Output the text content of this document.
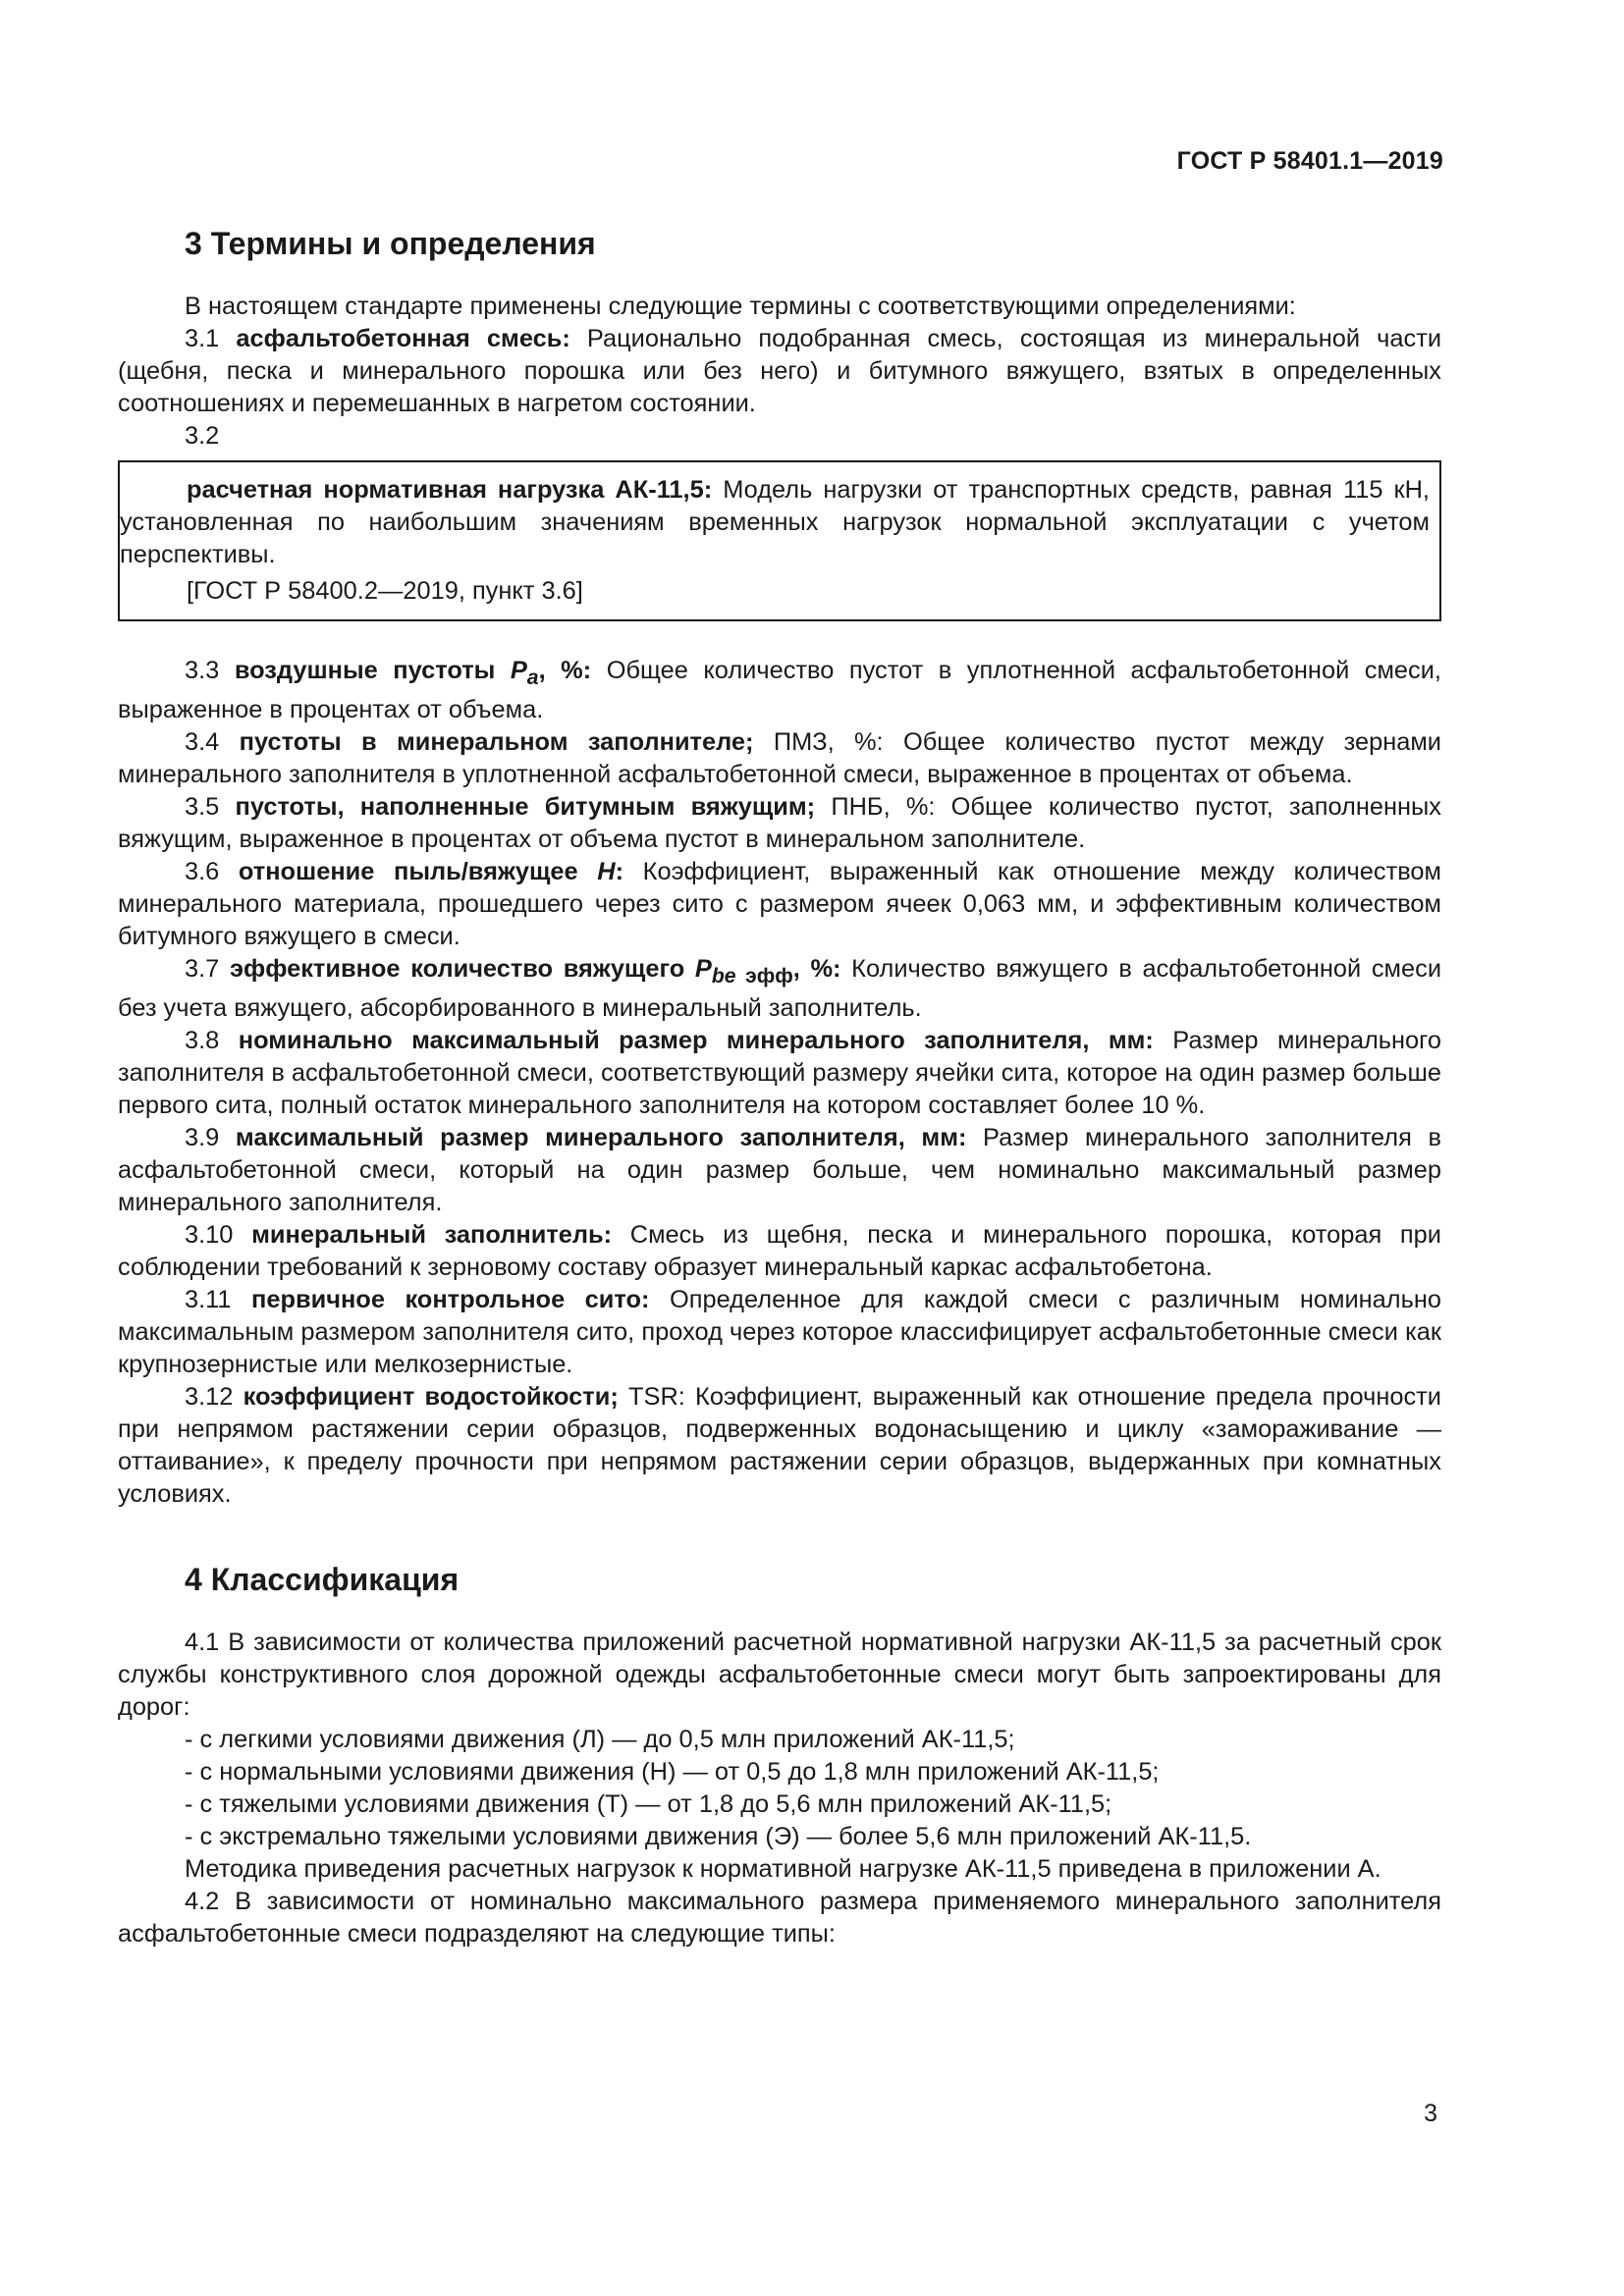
ГОСТ Р 58401.1—2019
3 Термины и определения

В настоящем стандарте применены следующие термины с соответствующими определениями:

3.1 асфальтобетонная смесь: Рационально подобранная смесь, состоящая из минеральной части (щебня, песка и минерального порошка или без него) и битумного вяжущего, взятых в определенных соотношениях и перемешанных в нагретом состоянии.

3.2

расчетная нормативная нагрузка АК-11,5: Модель нагрузки от транспортных средств, равная 115 кН, установленная по наибольшим значениям временных нагрузок нормальной эксплуатации с учетом перспективы.

[ГОСТ Р 58400.2—2019, пункт 3.6]

3.3 воздушные пустоты $P_a$, %: Общее количество пустот в уплотненной асфальтобетонной смеси, выраженное в процентах от объема.

3.4 пустоты в минеральном заполнителе; ПМЗ, %: Общее количество пустот между зернами минерального заполнителя в уплотненной асфальтобетонной смеси, выраженное в процентах от объема.

3.5 пустоты, наполненные битумным вяжущим; ПНБ, %: Общее количество пустот, заполненных вяжущим, выраженное в процентах от объема пустот в минеральном заполнителе.

3.6 отношение пыль/вяжущее H: Коэффициент, выраженный как отношение между количеством минерального материала, прошедшего через сито с размером ячеек 0,063 мм, и эффективным количеством битумного вяжущего в смеси.

3.7 эффективное количество вяжущего $P_{be эфф}$, %: Количество вяжущего в асфальтобетонной смеси без учета вяжущего, абсорбированного в минеральный заполнитель.

3.8 номинально максимальный размер минерального заполнителя, мм: Размер минерального заполнителя в асфальтобетонной смеси, соответствующий размеру ячейки сита, которое на один размер больше первого сита, полный остаток минерального заполнителя на котором составляет более 10 %.

3.9 максимальный размер минерального заполнителя, мм: Размер минерального заполнителя в асфальтобетонной смеси, который на один размер больше, чем номинально максимальный размер минерального заполнителя.

3.10 минеральный заполнитель: Смесь из щебня, песка и минерального порошка, которая при соблюдении требований к зерновому составу образует минеральный каркас асфальтобетона.

3.11 первичное контрольное сито: Определенное для каждой смеси с различным номинально максимальным размером заполнителя сито, проход через которое классифицирует асфальтобетонные смеси как крупнозернистые или мелкозернистые.

3.12 коэффициент водостойкости; TSR: Коэффициент, выраженный как отношение предела прочности при непрямом растяжении серии образцов, подверженных водонасыщению и циклу «замораживание — оттаивание», к пределу прочности при непрямом растяжении серии образцов, выдержанных при комнатных условиях.

4 Классификация

4.1 В зависимости от количества приложений расчетной нормативной нагрузки АК-11,5 за расчетный срок службы конструктивного слоя дорожной одежды асфальтобетонные смеси могут быть запроектированы для дорог:

- с легкими условиями движения (Л) — до 0,5 млн приложений АК-11,5;
- с нормальными условиями движения (Н) — от 0,5 до 1,8 млн приложений АК-11,5;
- с тяжелыми условиями движения (Т) — от 1,8 до 5,6 млн приложений АК-11,5;
- с экстремально тяжелыми условиями движения (Э) — более 5,6 млн приложений АК-11,5.

Методика приведения расчетных нагрузок к нормативной нагрузке АК-11,5 приведена в приложении А.

4.2 В зависимости от номинально максимального размера применяемого минерального заполнителя асфальтобетонные смеси подразделяют на следующие типы:

3
